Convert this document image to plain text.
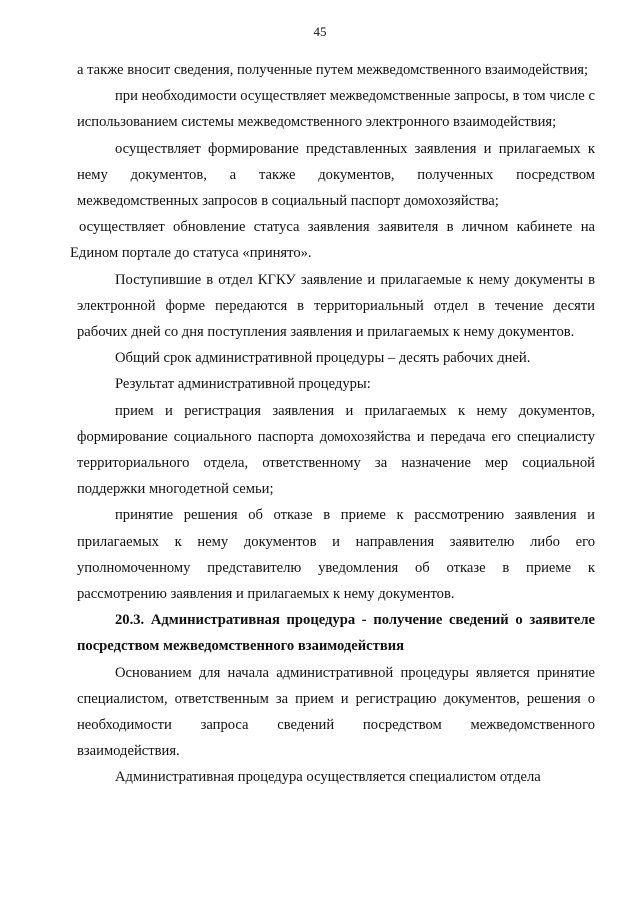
45

а также вносит сведения, полученные путем межведомственного взаимодействия;

при необходимости осуществляет межведомственные запросы, в том числе с использованием системы межведомственного электронного взаимодействия;

осуществляет формирование представленных заявления и прилагаемых к нему документов, а также документов, полученных посредством межведомственных запросов в социальный паспорт домохозяйства;

осуществляет обновление статуса заявления заявителя в личном кабинете на Едином портале до статуса «принято».

Поступившие в отдел КГКУ заявление и прилагаемые к нему документы в электронной форме передаются в территориальный отдел в течение десяти рабочих дней со дня поступления заявления и прилагаемых к нему документов.

Общий срок административной процедуры – десять рабочих дней.

Результат административной процедуры:

прием и регистрация заявления и прилагаемых к нему документов, формирование социального паспорта домохозяйства и передача его специалисту территориального отдела, ответственному за назначение мер социальной поддержки многодетной семьи;

принятие решения об отказе в приеме к рассмотрению заявления и прилагаемых к нему документов и направления заявителю либо его уполномоченному представителю уведомления об отказе в приеме к рассмотрению заявления и прилагаемых к нему документов.

20.3. Административная процедура - получение сведений о заявителе посредством межведомственного взаимодействия

Основанием для начала административной процедуры является принятие специалистом, ответственным за прием и регистрацию документов, решения о необходимости запроса сведений посредством межведомственного взаимодействия.

Административная процедура осуществляется специалистом отдела
